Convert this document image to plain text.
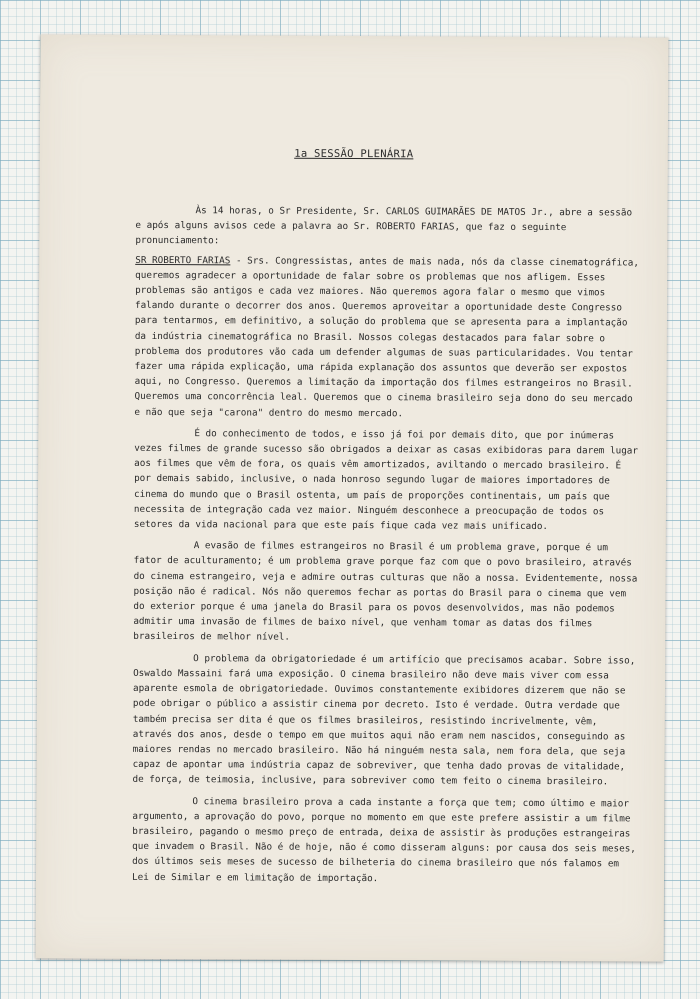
1a SESSÃO PLENÁRIA

Às 14 horas, o Sr Presidente, Sr. CARLOS GUIMARÃES DE MATOS Jr., abre a sessão e após alguns avisos cede a palavra ao Sr. ROBERTO FARIAS, que faz o seguinte pronunciamento:

SR ROBERTO FARIAS - Srs. Congressistas, antes de mais nada, nós da classe cinematográfica, queremos agradecer a oportunidade de falar sobre os problemas que nos afligem. Esses problemas são antigos e cada vez maiores. Não queremos agora falar o mesmo que vimos falando durante o decorrer dos anos. Queremos aproveitar a oportunidade deste Congresso para tentarmos, em definitivo, a solução do problema que se apresenta para a implantação da indústria cinematográfica no Brasil. Nossos colegas destacados para falar sobre o problema dos produtores vão cada um defender algumas de suas particularidades. Vou tentar fazer uma rápida explicação, uma rápida explanação dos assuntos que deverão ser expostos aqui, no Congresso. Queremos a limitação da importação dos filmes estrangeiros no Brasil. Queremos uma concorrência leal. Queremos que o cinema brasileiro seja dono do seu mercado e não que seja "carona" dentro do mesmo mercado.

É do conhecimento de todos, e isso já foi por demais dito, que por inúmeras vezes filmes de grande sucesso são obrigados a deixar as casas exibidoras para darem lugar aos filmes que vêm de fora, os quais vêm amortizados, aviltando o mercado brasileiro. É por demais sabido, inclusive, o nada honroso segundo lugar de maiores importadores de cinema do mundo que o Brasil ostenta, um país de proporções continentais, um país que necessita de integração cada vez maior. Ninguém desconhece a preocupação de todos os setores da vida nacional para que este país fique cada vez mais unificado.

A evasão de filmes estrangeiros no Brasil é um problema grave, porque é um fator de aculturamento; é um problema grave porque faz com que o povo brasileiro, através do cinema estrangeiro, veja e admire outras culturas que não a nossa. Evidentemente, nossa posição não é radical. Nós não queremos fechar as portas do Brasil para o cinema que vem do exterior porque é uma janela do Brasil para os povos desenvolvidos, mas não podemos admitir uma invasão de filmes de baixo nível, que venham tomar as datas dos filmes brasileiros de melhor nível.

O problema da obrigatoriedade é um artifício que precisamos acabar. Sobre isso, Oswaldo Massaini fará uma exposição. O cinema brasileiro não deve mais viver com essa aparente esmola de obrigatoriedade. Ouvimos constantemente exibidores dizerem que não se pode obrigar o público a assistir cinema por decreto. Isto é verdade. Outra verdade que também precisa ser dita é que os filmes brasileiros, resistindo incrivelmente, vêm, através dos anos, desde o tempo em que muitos aqui não eram nem nascidos, conseguindo as maiores rendas no mercado brasileiro. Não há ninguém nesta sala, nem fora dela, que seja capaz de apontar uma indústria capaz de sobreviver, que tenha dado provas de vitalidade, de força, de teimosia, inclusive, para sobreviver como tem feito o cinema brasileiro.

O cinema brasileiro prova a cada instante a força que tem; como último e maior argumento, a aprovação do povo, porque no momento em que este prefere assistir a um filme brasileiro, pagando o mesmo preço de entrada, deixa de assistir às produções estrangeiras que invadem o Brasil. Não é de hoje, não é como disseram alguns: por causa dos seis meses, dos últimos seis meses de sucesso de bilheteria do cinema brasileiro que nós falamos em Lei de Similar e em limitação de importação.
